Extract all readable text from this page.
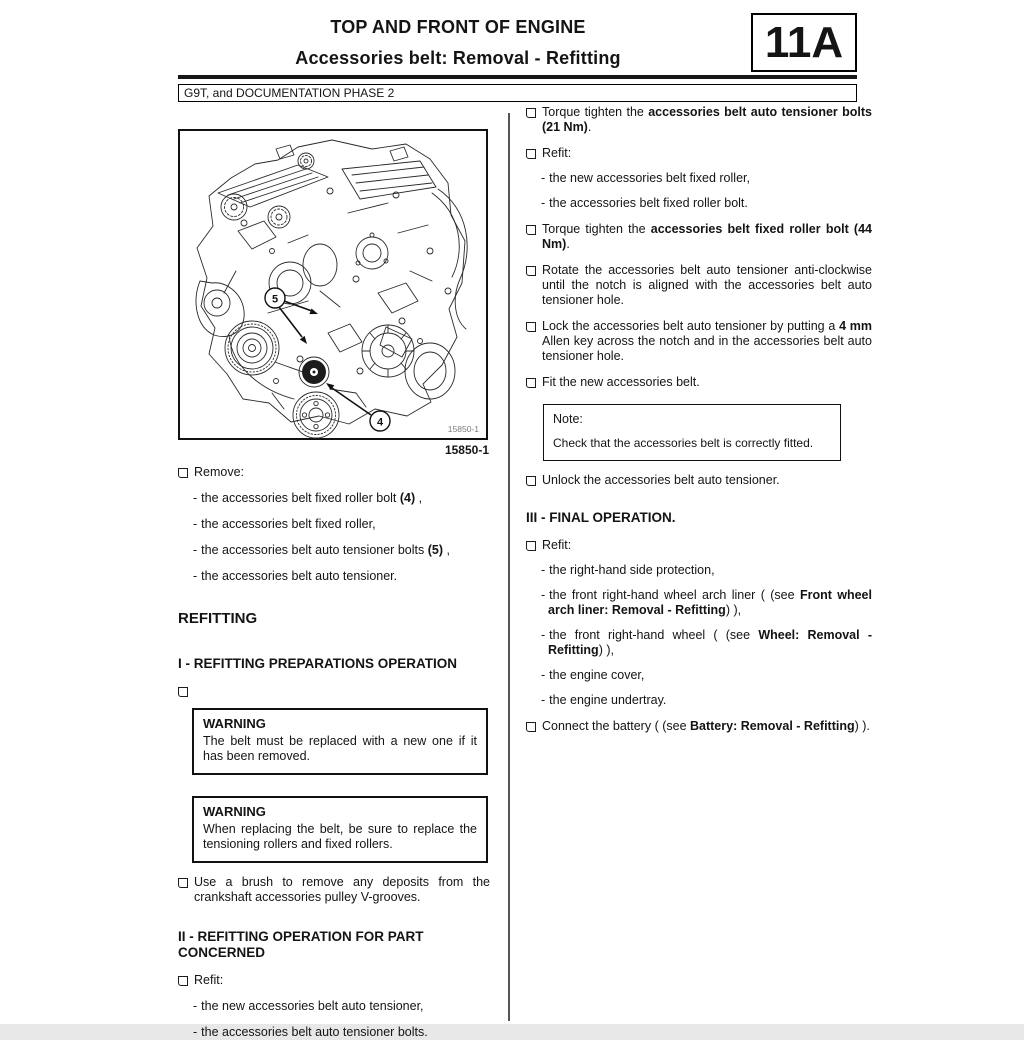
TOP AND FRONT OF ENGINE
Accessories belt: Removal - Refitting	11A
G9T, and DOCUMENTATION PHASE 2
5
4
15850-1
15850-1
Remove:
- the accessories belt fixed roller bolt (4) ,
- the accessories belt fixed roller,
- the accessories belt auto tensioner bolts (5) ,
- the accessories belt auto tensioner.
REFITTING
I - REFITTING PREPARATIONS OPERATION
WARNING
The belt must be replaced with a new one if it has been removed.
WARNING
When replacing the belt, be sure to replace the tensioning rollers and fixed rollers.
Use a brush to remove any deposits from the crankshaft accessories pulley V-grooves.
II - REFITTING OPERATION FOR PART CONCERNED
Refit:
- the new accessories belt auto tensioner,
- the accessories belt auto tensioner bolts.
Torque tighten the accessories belt auto tensioner bolts (21 Nm).
Refit:
- the new accessories belt fixed roller,
- the accessories belt fixed roller bolt.
Torque tighten the accessories belt fixed roller bolt (44 Nm).
Rotate the accessories belt auto tensioner anti-clockwise until the notch is aligned with the accessories belt auto tensioner hole.
Lock the accessories belt auto tensioner by putting a 4 mm Allen key across the notch and in the accessories belt auto tensioner hole.
Fit the new accessories belt.
Note:
Check that the accessories belt is correctly fitted.
Unlock the accessories belt auto tensioner.
III - FINAL OPERATION.
Refit:
- the right-hand side protection,
- the front right-hand wheel arch liner ( (see Front wheel arch liner: Removal - Refitting) ),
- the front right-hand wheel ( (see Wheel: Removal - Refitting) ),
- the engine cover,
- the engine undertray.
Connect the battery ( (see Battery: Removal - Refitting) ).
